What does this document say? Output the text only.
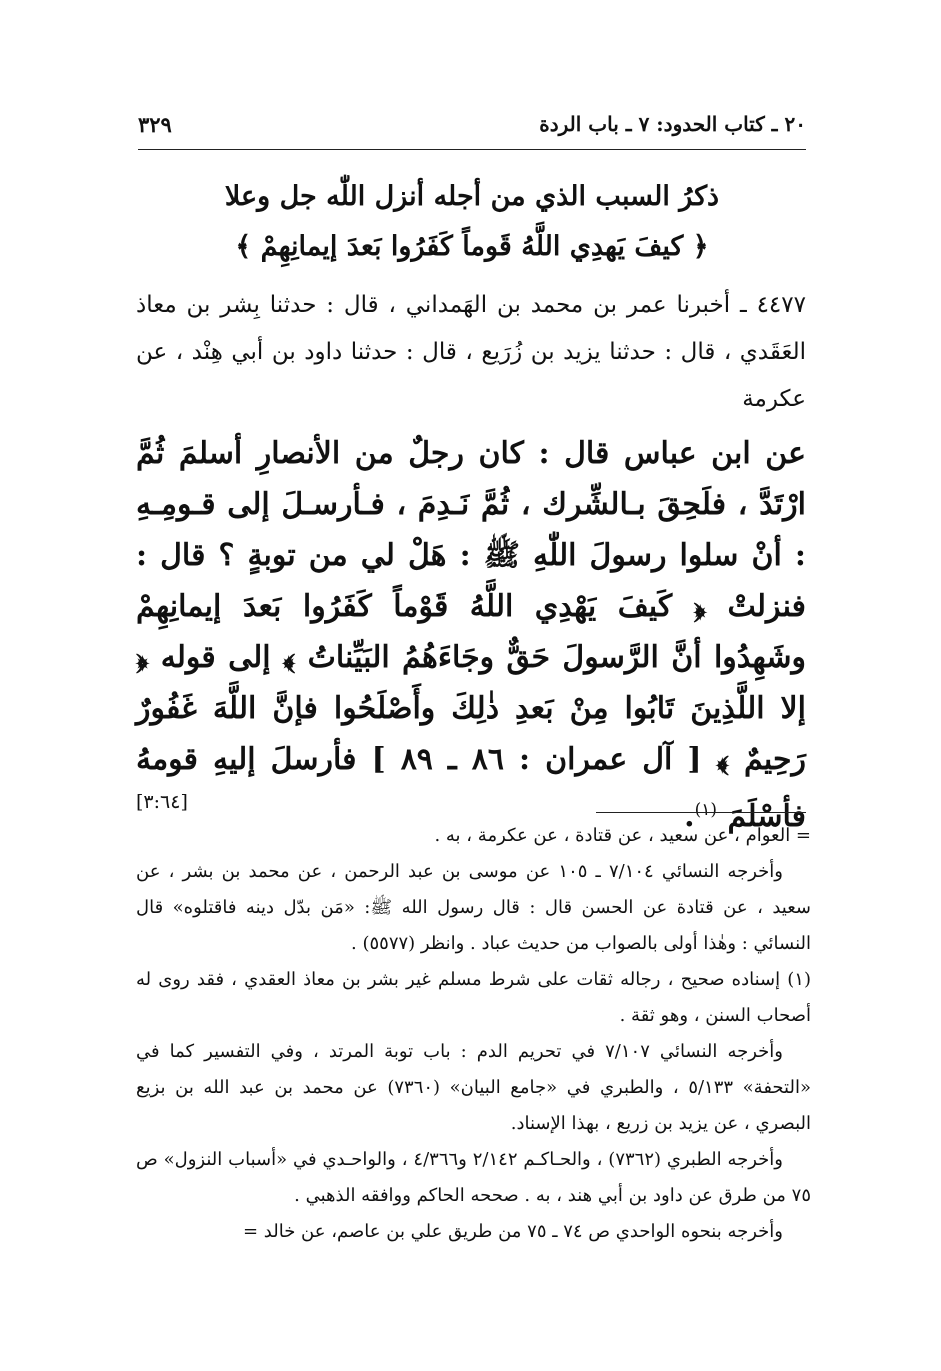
٢٠ ـ كتاب الحدود: ٧ ـ باب الردة
٣٢٩
ذكرُ السبب الذي من أجله أنزل اللّٰه جل وعلا
﴿ كيفَ يَهدِي اللَّهُ قَوماً كَفَرُوا بَعدَ إيمانِهِمْ ﴾
٤٤٧٧ ـ أخبرنا عمر بن محمد بن الهَمداني ، قال : حدثنا بِشر بن معاذ العَقَدي ، قال : حدثنا يزيد بن زُرَيع ، قال : حدثنا داود بن أبي هِنْد ، عن عكرمة
عن ابن عباس قال : كان رجلٌ من الأنصارِ أسلمَ ثُمَّ ارْتَدَّ ، فلَحِقَ بـالشِّرك ، ثُمَّ نَـدِمَ ، فـأرسـلَ إلى قـومِـهِ : أنْ سلوا رسولَ اللّٰهِ ﷺ : هَلْ لي من توبةٍ ؟ قال : فنزلتْ ﴿ كَيفَ يَهْدِي اللَّهُ قَوْماً كَفَرُوا بَعدَ إيمانِهِمْ وشَهِدُوا أنَّ الرَّسولَ حَقٌّ وجَاءَهُمُ البَيِّناتُ ﴾ إلى قوله ﴿ إلا اللَّذِينَ تَابُوا مِنْ بَعدِ ذٰلِكَ وأَصْلَحُوا فإنَّ اللَّهَ غَفُورٌ رَحِيمٌ ﴾ [ آل عمران : ٨٦ ـ ٨٩ ] فأرسلَ إليهِ قومهُ فأسْلَمَ $^{(١)}$.
[٣:٦٤]

= العوام ، عن سعيد ، عن قتادة ، عن عكرمة ، به .

وأخرجه النسائي ٧/١٠٤ ـ ١٠٥ عن موسى بن عبد الرحمن ، عن محمد بن بشر ، عن سعيد ، عن قتادة عن الحسن قال : قال رسول الله ﷺ: «مَن بدّل دينه فاقتلوه» قال النسائي : وهٰذا أولى بالصواب من حديث عباد . وانظر (٥٥٧٧) .

(١) إسناده صحيح ، رجاله ثقات على شرط مسلم غير بشر بن معاذ العقدي ، فقد روى له أصحاب السنن ، وهو ثقة .

وأخرجه النسائي ٧/١٠٧ في تحريم الدم : باب توبة المرتد ، وفي التفسير كما في «التحفة» ٥/١٣٣ ، والطبري في «جامع البيان» (٧٣٦٠) عن محمد بن عبد الله بن بزيع البصري ، عن يزيد بن زريع ، بهذا الإسناد.

وأخرجه الطبري (٧٣٦٢) ، والحـاكـم ٢/١٤٢ و٤/٣٦٦ ، والواحـدي في «أسباب النزول» ص ٧٥ من طرق عن داود بن أبي هند ، به . صححه الحاكم ووافقه الذهبي .

وأخرجه بنحوه الواحدي ص ٧٤ ـ ٧٥ من طريق علي بن عاصم، عن خالد =
